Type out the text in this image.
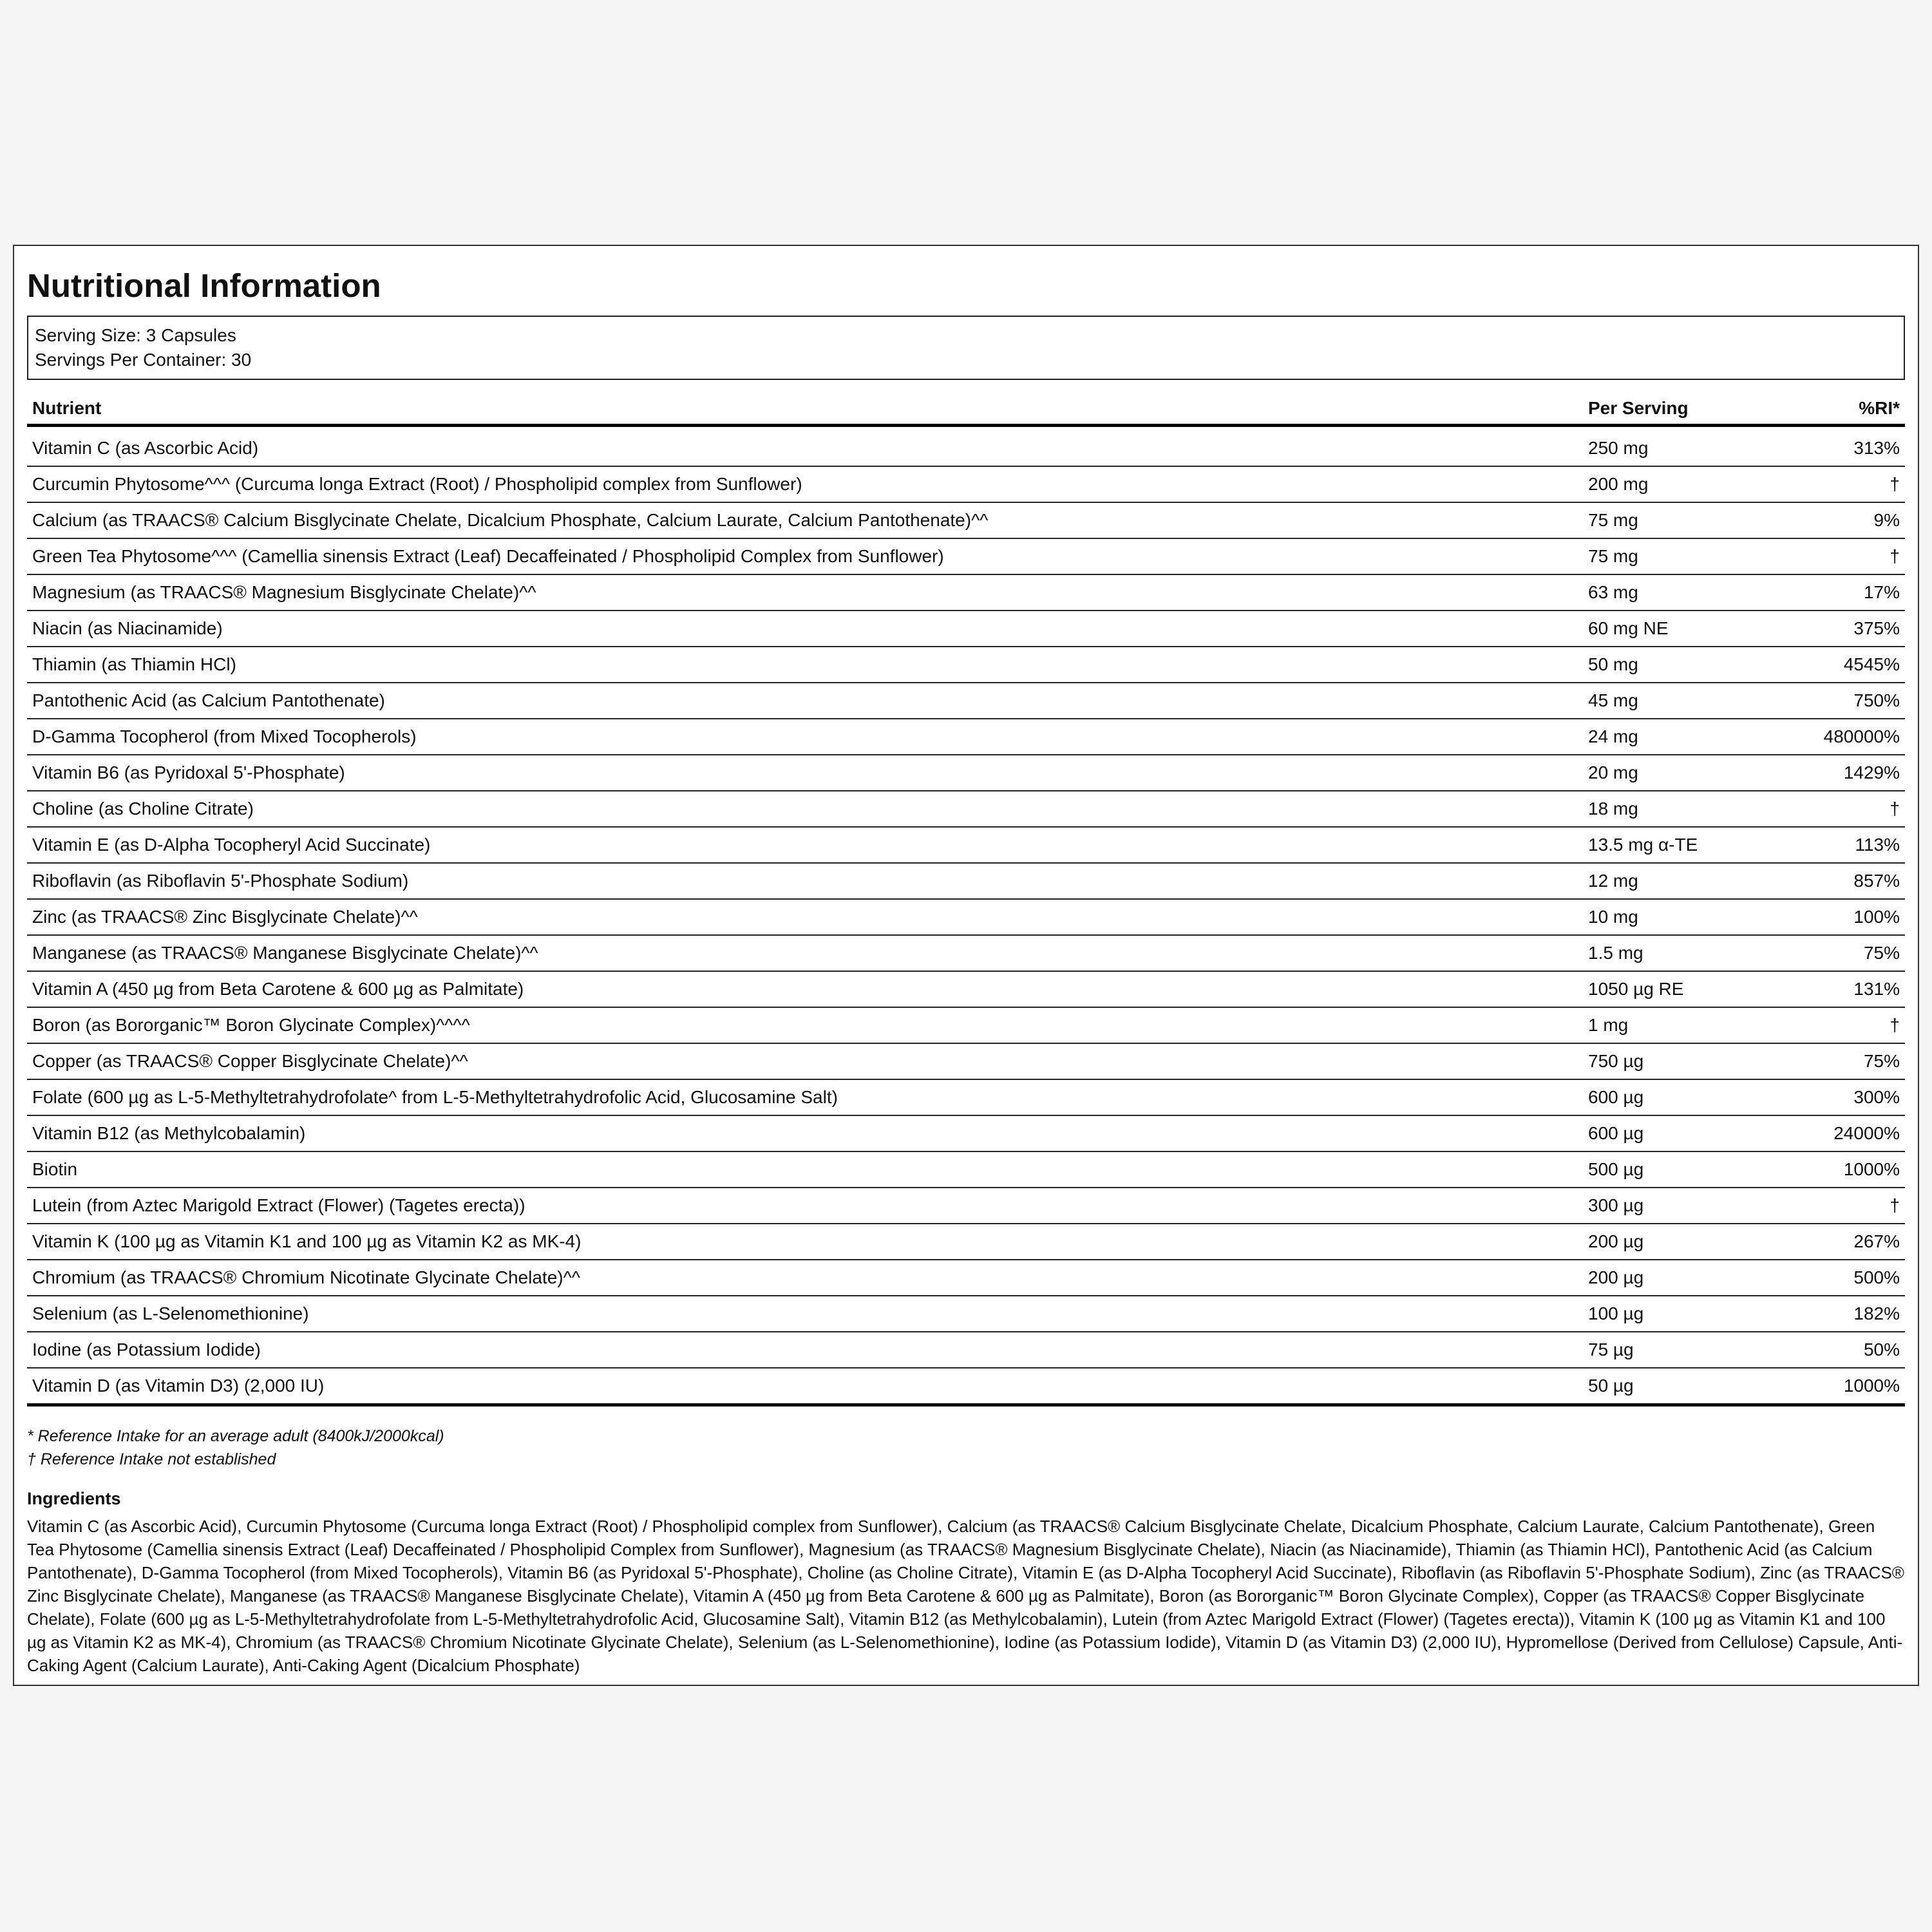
Nutritional Information
Serving Size: 3 Capsules
Servings Per Container: 30
Nutrient	Per Serving	%RI*
Vitamin C (as Ascorbic Acid)	250 mg	313%
Curcumin Phytosome^^^ (Curcuma longa Extract (Root) / Phospholipid complex from Sunflower)	200 mg	†
Calcium (as TRAACS® Calcium Bisglycinate Chelate, Dicalcium Phosphate, Calcium Laurate, Calcium Pantothenate)^^	75 mg	9%
Green Tea Phytosome^^^ (Camellia sinensis Extract (Leaf) Decaffeinated / Phospholipid Complex from Sunflower)	75 mg	†
Magnesium (as TRAACS® Magnesium Bisglycinate Chelate)^^	63 mg	17%
Niacin (as Niacinamide)	60 mg NE	375%
Thiamin (as Thiamin HCl)	50 mg	4545%
Pantothenic Acid (as Calcium Pantothenate)	45 mg	750%
D-Gamma Tocopherol (from Mixed Tocopherols)	24 mg	480000%
Vitamin B6 (as Pyridoxal 5'-Phosphate)	20 mg	1429%
Choline (as Choline Citrate)	18 mg	†
Vitamin E (as D-Alpha Tocopheryl Acid Succinate)	13.5 mg α-TE	113%
Riboflavin (as Riboflavin 5'-Phosphate Sodium)	12 mg	857%
Zinc (as TRAACS® Zinc Bisglycinate Chelate)^^	10 mg	100%
Manganese (as TRAACS® Manganese Bisglycinate Chelate)^^	1.5 mg	75%
Vitamin A (450 µg from Beta Carotene & 600 µg as Palmitate)	1050 µg RE	131%
Boron (as Bororganic™ Boron Glycinate Complex)^^^^	1 mg	†
Copper (as TRAACS® Copper Bisglycinate Chelate)^^	750 µg	75%
Folate (600 µg as L-5-Methyltetrahydrofolate^ from L-5-Methyltetrahydrofolic Acid, Glucosamine Salt)	600 µg	300%
Vitamin B12 (as Methylcobalamin)	600 µg	24000%
Biotin	500 µg	1000%
Lutein (from Aztec Marigold Extract (Flower) (Tagetes erecta))	300 µg	†
Vitamin K (100 µg as Vitamin K1 and 100 µg as Vitamin K2 as MK-4)	200 µg	267%
Chromium (as TRAACS® Chromium Nicotinate Glycinate Chelate)^^	200 µg	500%
Selenium (as L-Selenomethionine)	100 µg	182%
Iodine (as Potassium Iodide)	75 µg	50%
Vitamin D (as Vitamin D3) (2,000 IU)	50 µg	1000%
* Reference Intake for an average adult (8400kJ/2000kcal)
† Reference Intake not established
Ingredients
Vitamin C (as Ascorbic Acid), Curcumin Phytosome (Curcuma longa Extract (Root) / Phospholipid complex from Sunflower), Calcium (as TRAACS® Calcium Bisglycinate Chelate, Dicalcium Phosphate, Calcium Laurate, Calcium Pantothenate), Green Tea Phytosome (Camellia sinensis Extract (Leaf) Decaffeinated / Phospholipid Complex from Sunflower), Magnesium (as TRAACS® Magnesium Bisglycinate Chelate), Niacin (as Niacinamide), Thiamin (as Thiamin HCl), Pantothenic Acid (as Calcium Pantothenate), D-Gamma Tocopherol (from Mixed Tocopherols), Vitamin B6 (as Pyridoxal 5'-Phosphate), Choline (as Choline Citrate), Vitamin E (as D-Alpha Tocopheryl Acid Succinate), Riboflavin (as Riboflavin 5'-Phosphate Sodium), Zinc (as TRAACS® Zinc Bisglycinate Chelate), Manganese (as TRAACS® Manganese Bisglycinate Chelate), Vitamin A (450 µg from Beta Carotene & 600 µg as Palmitate), Boron (as Bororganic™ Boron Glycinate Complex), Copper (as TRAACS® Copper Bisglycinate Chelate), Folate (600 µg as L-5-Methyltetrahydrofolate from L-5-Methyltetrahydrofolic Acid, Glucosamine Salt), Vitamin B12 (as Methylcobalamin), Lutein (from Aztec Marigold Extract (Flower) (Tagetes erecta)), Vitamin K (100 µg as Vitamin K1 and 100 µg as Vitamin K2 as MK-4), Chromium (as TRAACS® Chromium Nicotinate Glycinate Chelate), Selenium (as L-Selenomethionine), Iodine (as Potassium Iodide), Vitamin D (as Vitamin D3) (2,000 IU), Hypromellose (Derived from Cellulose) Capsule, Anti-Caking Agent (Calcium Laurate), Anti-Caking Agent (Dicalcium Phosphate)
